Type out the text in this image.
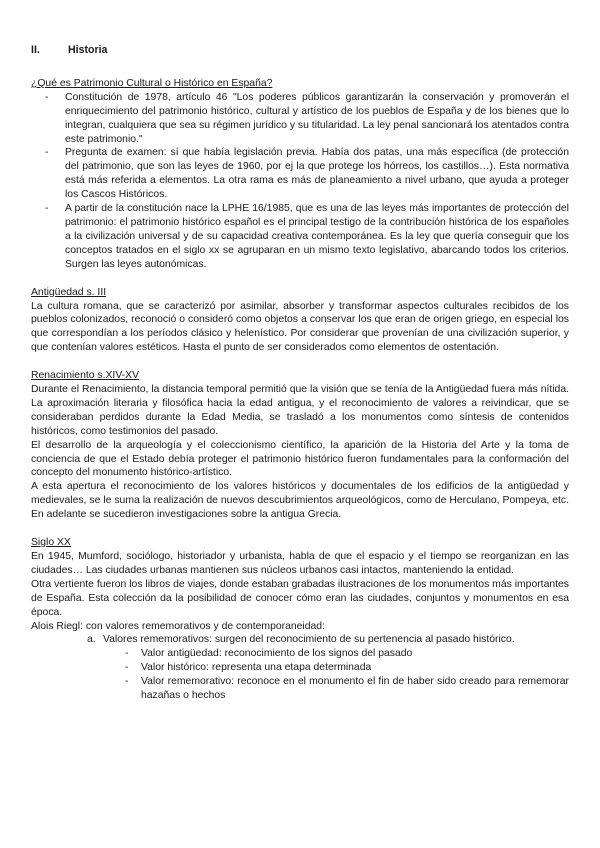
II.	Historia
¿Qué es Patrimonio Cultural o Histórico en España?
- Constitución de 1978, artículo 46 "Los poderes públicos garantizarán la conservación y promoverán el enriquecimiento del patrimonio histórico, cultural y artístico de los pueblos de España y de los bienes que lo integran, cualquiera que sea su régimen jurídico y su titularidad. La ley penal sancionará los atentados contra este patrimonio."
- Pregunta de examen: sí que había legislación previa. Había dos patas, una más específica (de protección del patrimonio, que son las leyes de 1960, por ej la que protege los hórreos, los castillos…). Esta normativa está más referida a elementos. La otra rama es más de planeamiento a nivel urbano, que ayuda a proteger los Cascos Históricos.
- A partir de la constitución nace la LPHE 16/1985, que es una de las leyes más importantes de protección del patrimonio: el patrimonio histórico español es el principal testigo de la contribución histórica de los españoles a la civilización universal y de su capacidad creativa contemporánea. Es la ley que quería conseguir que los conceptos tratados en el siglo xx se agruparan en un mismo texto legislativo, abarcando todos los criterios. Surgen las leyes autonómicas.
Antigüedad s. III

La cultura romana, que se caracterizó por asimilar, absorber y transformar aspectos culturales recibidos de los pueblos colonizados, reconoció o consideró como objetos a conservar los que eran de origen griego, en especial los que correspondían a los períodos clásico y helenístico. Por considerar que provenían de una civilización superior, y que contenían valores estéticos. Hasta el punto de ser considerados como elementos de ostentación.

Renacimiento s.XIV-XV

Durante el Renacimiento, la distancia temporal permitió que la visión que se tenía de la Antigüedad fuera más nítida. La aproximación literaria y filosófica hacia la edad antigua, y el reconocimiento de valores a reivindicar, que se consideraban perdidos durante la Edad Media, se trasladó a los monumentos como síntesis de contenidos históricos, como testimonios del pasado.

El desarrollo de la arqueología y el coleccionismo científico, la aparición de la Historia del Arte y la toma de conciencia de que el Estado debía proteger el patrimonio histórico fueron fundamentales para la conformación del concepto del monumento histórico-artístico.

A esta apertura el reconocimiento de los valores históricos y documentales de los edificios de la antigüedad y medievales, se le suma la realización de nuevos descubrimientos arqueológicos, como de Herculano, Pompeya, etc. En adelante se sucedieron investigaciones sobre la antigua Grecia.

Siglo XX

En 1945, Mumford, sociólogo, historiador y urbanista, habla de que el espacio y el tiempo se reorganizan en las ciudades… Las ciudades urbanas mantienen sus núcleos urbanos casi intactos, manteniendo la entidad.

Otra vertiente fueron los libros de viajes, donde estaban grabadas ilustraciones de los monumentos más importantes de España. Esta colección da la posibilidad de conocer cómo eran las ciudades, conjuntos y monumentos en esa época.

Alois Riegl: con valores rememorativos y de contemporaneidad:

a. Valores rememorativos: surgen del reconocimiento de su pertenencia al pasado histórico.
- Valor antigüedad: reconocimiento de los signos del pasado
- Valor histórico: representa una etapa determinada
- Valor rememorativo: reconoce en el monumento el fin de haber sido creado para rememorar hazañas o hechos
